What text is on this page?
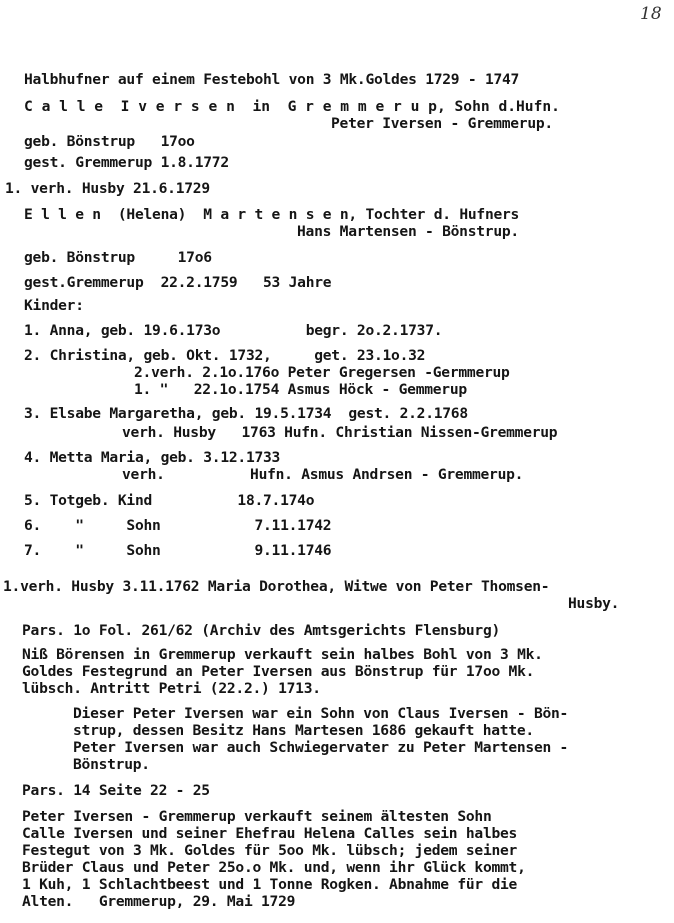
18
Halbhufner auf einem Festebohl von 3 Mk.Goldes 1729 - 1747
C a l l e  I v e r s e n  in  G r e m m e r u p, Sohn d.Hufn.
Peter Iversen - Gremmerup.
geb. Bönstrup   17oo
gest. Gremmerup 1.8.1772
1. verh. Husby 21.6.1729
E l l e n  (Helena)  M a r t e n s e n, Tochter d. Hufners
Hans Martensen - Bönstrup.
geb. Bönstrup     17o6
gest.Gremmerup  22.2.1759   53 Jahre
Kinder:
1. Anna, geb. 19.6.173o          begr. 2o.2.1737.
2. Christina, geb. Okt. 1732,     get. 23.1o.32
2.verh. 2.1o.176o Peter Gregersen -Germmerup
1. "   22.1o.1754 Asmus Höck - Gemmerup
3. Elsabe Margaretha, geb. 19.5.1734  gest. 2.2.1768
verh. Husby   1763 Hufn. Christian Nissen-Gremmerup
4. Metta Maria, geb. 3.12.1733
verh.          Hufn. Asmus Andrsen - Gremmerup.
5. Totgeb. Kind          18.7.174o
6.    "     Sohn           7.11.1742
7.    "     Sohn           9.11.1746
1.verh. Husby 3.11.1762 Maria Dorothea, Witwe von Peter Thomsen-
Husby.
Pars. 1o Fol. 261/62 (Archiv des Amtsgerichts Flensburg)
Niß Börensen in Gremmerup verkauft sein halbes Bohl von 3 Mk.
Goldes Festegrund an Peter Iversen aus Bönstrup für 17oo Mk.
lübsch. Antritt Petri (22.2.) 1713.
Dieser Peter Iversen war ein Sohn von Claus Iversen - Bön-
strup, dessen Besitz Hans Martesen 1686 gekauft hatte.
Peter Iversen war auch Schwiegervater zu Peter Martensen -
Bönstrup.
Pars. 14 Seite 22 - 25
Peter Iversen - Gremmerup verkauft seinem ältesten Sohn
Calle Iversen und seiner Ehefrau Helena Calles sein halbes
Festegut von 3 Mk. Goldes für 5oo Mk. lübsch; jedem seiner
Brüder Claus und Peter 25o.o Mk. und, wenn ihr Glück kommt,
1 Kuh, 1 Schlachtbeest und 1 Tonne Rogken. Abnahme für die
Alten.   Gremmerup, 29. Mai 1729
